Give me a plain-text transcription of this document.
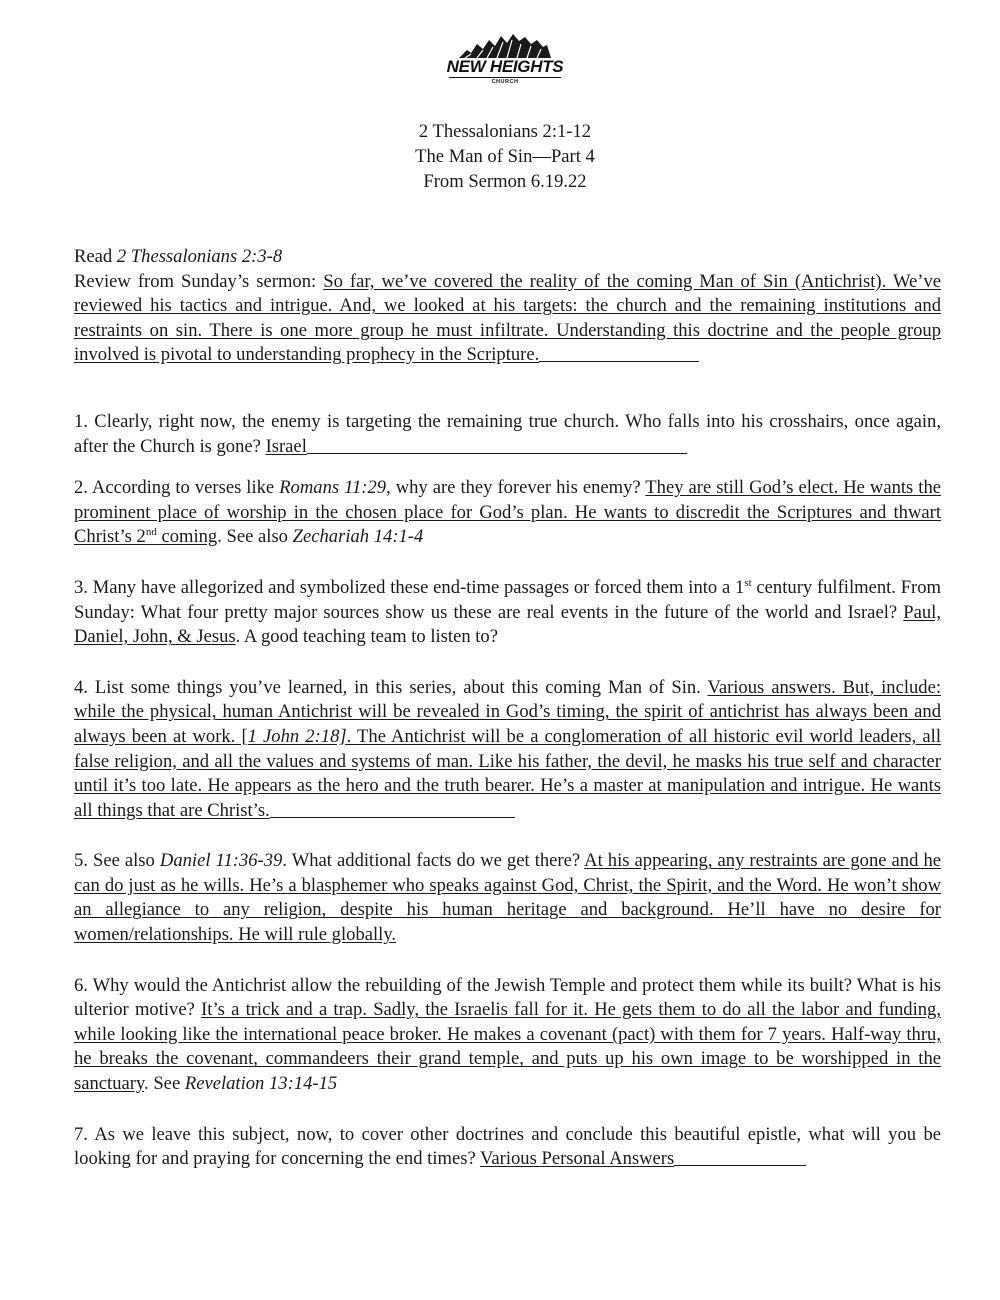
NEW HEIGHTS
CHURCH
2 Thessalonians 2:1-12
The Man of Sin—Part 4
From Sermon 6.19.22
Read 2 Thessalonians 2:3-8
Review from Sunday’s sermon: So far, we’ve covered the reality of the coming Man of Sin (Antichrist). We’ve reviewed his tactics and intrigue. And, we looked at his targets: the church and the remaining institutions and restraints on sin. There is one more group he must infiltrate. Understanding this doctrine and the people group involved is pivotal to understanding prophecy in the Scripture.
1. Clearly, right now, the enemy is targeting the remaining true church. Who falls into his crosshairs, once again, after the Church is gone? Israel
2. According to verses like Romans 11:29, why are they forever his enemy? They are still God’s elect. He wants the prominent place of worship in the chosen place for God’s plan. He wants to discredit the Scriptures and thwart Christ’s 2nd coming. See also Zechariah 14:1-4
3. Many have allegorized and symbolized these end-time passages or forced them into a 1st century fulfilment. From Sunday: What four pretty major sources show us these are real events in the future of the world and Israel? Paul, Daniel, John, & Jesus. A good teaching team to listen to?
4. List some things you’ve learned, in this series, about this coming Man of Sin. Various answers. But, include: while the physical, human Antichrist will be revealed in God’s timing, the spirit of antichrist has always been and always been at work. [1 John 2:18]. The Antichrist will be a conglomeration of all historic evil world leaders, all false religion, and all the values and systems of man. Like his father, the devil, he masks his true self and character until it’s too late. He appears as the hero and the truth bearer. He’s a master at manipulation and intrigue. He wants all things that are Christ’s.
5. See also Daniel 11:36-39. What additional facts do we get there? At his appearing, any restraints are gone and he can do just as he wills. He’s a blasphemer who speaks against God, Christ, the Spirit, and the Word. He won’t show an allegiance to any religion, despite his human heritage and background. He’ll have no desire for women/relationships. He will rule globally.
6. Why would the Antichrist allow the rebuilding of the Jewish Temple and protect them while its built? What is his ulterior motive? It’s a trick and a trap. Sadly, the Israelis fall for it. He gets them to do all the labor and funding, while looking like the international peace broker. He makes a covenant (pact) with them for 7 years. Half-way thru, he breaks the covenant, commandeers their grand temple, and puts up his own image to be worshipped in the sanctuary. See Revelation 13:14-15
7. As we leave this subject, now, to cover other doctrines and conclude this beautiful epistle, what will you be looking for and praying for concerning the end times? Various Personal Answers
